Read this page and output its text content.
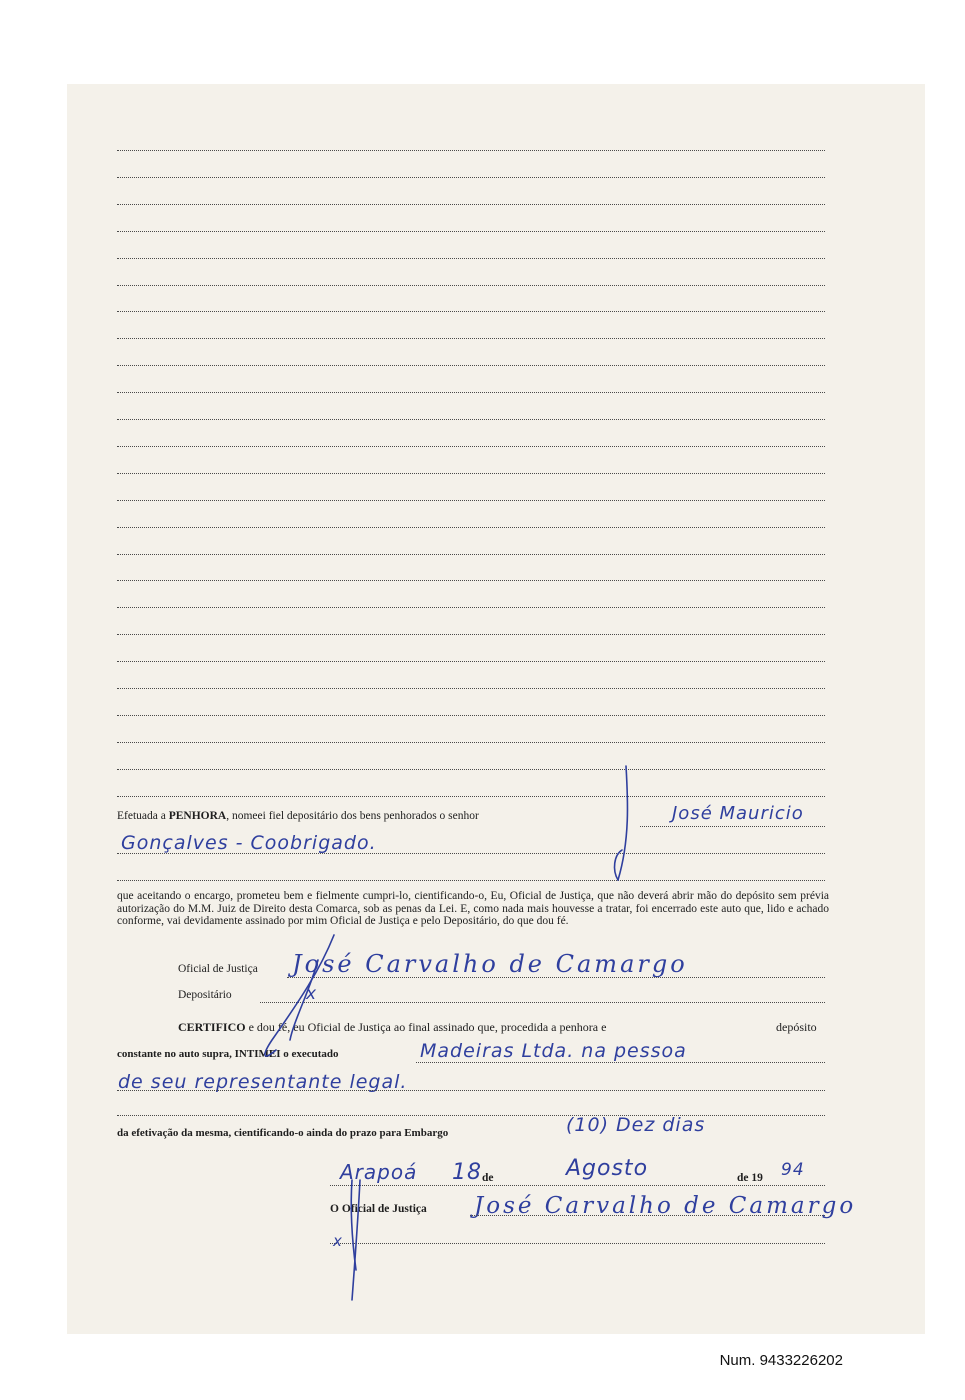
Efetuada a PENHORA, nomeei fiel depositário dos bens penhorados o senhor	José Mauricio
Gonçalves - Coobrigado.
que aceitando o encargo, prometeu bem e fielmente cumpri-lo, cientificando-o, Eu, Oficial de Justiça, que não deverá abrir mão do depósito sem prévia autorização do M.M. Juiz de Direito desta Comarca, sob as penas da Lei. E, como nada mais houvesse a tratar, foi encerrado este auto que, lido e achado conforme, vai devidamente assinado por mim Oficial de Justiça e pelo Depositário, do que dou fé.
Oficial de Justiça José Carvalho de Camargo
Depositário	x
CERTIFICO e dou fé, eu Oficial de Justiça ao final assinado que, procedida a penhora e	depósito
constante no auto supra, INTIMEI o executado	Madeiras Ltda. na pessoa
de seu representante legal.
da efetivação da mesma, cientificando-o ainda do prazo para Embargo	(10) Dez dias
Arapoá 18 de	Agosto	de 19 94
O Oficial de Justiça José Carvalho de Camargo
x
Num. 9433226202
